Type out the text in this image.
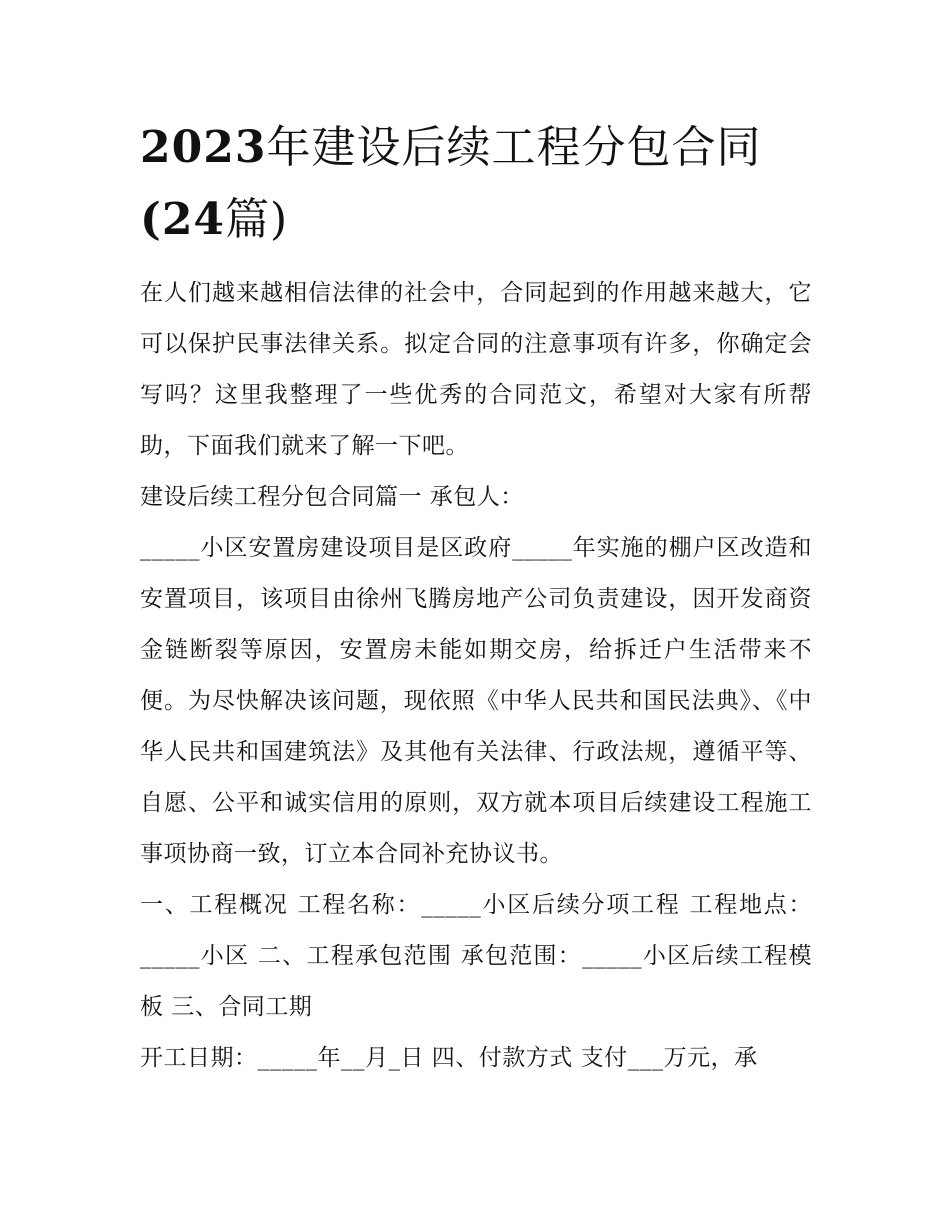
2023年建设后续工程分包合同
(24篇)

在人们越来越相信法律的社会中，合同起到的作用越来越大，它可以保护民事法律关系。拟定合同的注意事项有许多，你确定会写吗？这里我整理了一些优秀的合同范文，希望对大家有所帮助，下面我们就来了解一下吧。

建设后续工程分包合同篇一 承包人：

_____小区安置房建设项目是区政府_____年实施的棚户区改造和安置项目，该项目由徐州飞腾房地产公司负责建设，因开发商资金链断裂等原因，安置房未能如期交房，给拆迁户生活带来不便。为尽快解决该问题，现依照《中华人民共和国民法典》、《中华人民共和国建筑法》及其他有关法律、行政法规，遵循平等、自愿、公平和诚实信用的原则，双方就本项目后续建设工程施工事项协商一致，订立本合同补充协议书。

一、工程概况 工程名称：_____小区后续分项工程 工程地点：_____小区 二、工程承包范围 承包范围：_____小区后续工程模板 三、合同工期

开工日期：_____年__月_日 四、付款方式 支付___万元，承
